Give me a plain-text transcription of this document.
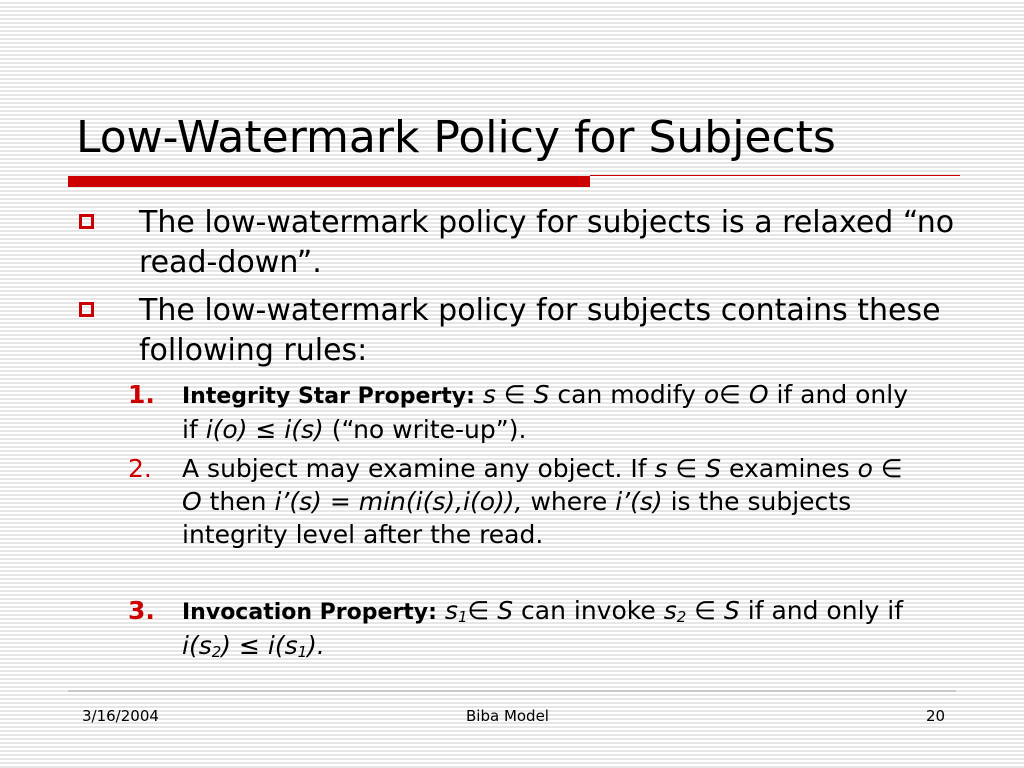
Low-Watermark Policy for Subjects
The low-watermark policy for subjects is a relaxed “no read-down”.
The low-watermark policy for subjects contains these following rules:
1. Integrity Star Property: s ∈ S can modify o∈ O if and only if i(o) ≤ i(s) (“no write-up”).
2. A subject may examine any object. If s ∈ S examines o ∈ O then i’(s) = min(i(s),i(o)), where i’(s) is the subjects integrity level after the read.
3. Invocation Property: $s_1\in$ S can invoke $s_2$ ∈ S if and only if $i(s_2) \le i(s_1)$.
3/16/2004	Biba Model	20
